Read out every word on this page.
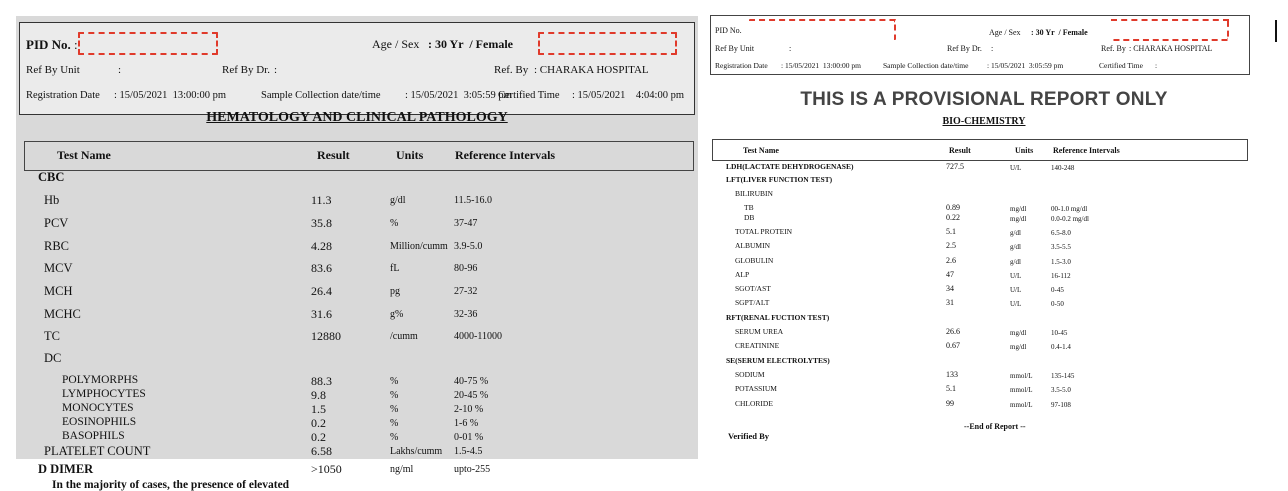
PID No. :	Age / Sex : 30 Yr  / Female
Ref By Unit	:	Ref By Dr. :	Ref. By : CHARAKA HOSPITAL
Registration Date : 15/05/2021  13:00:00 pm	Sample Collection date/time : 15/05/2021  3:05:59 pm
Certified Time : 15/05/2021    4:04:00 pm
HEMATOLOGY AND CLINICAL PATHOLOGY
Test Name	Result	Units	Reference Intervals
CBC
Hb	11.3	g/dl	11.5-16.0
PCV	35.8	%	37-47
RBC	4.28	Million/cumm 3.9-5.0
MCV	83.6	fL	80-96
MCH	26.4	pg	27-32
MCHC	31.6	g%	32-36
TC	12880	/cumm	4000-11000
DC
POLYMORPHS	88.3	%	40-75 %
LYMPHOCYTES	9.8	%	20-45 %
MONOCYTES	1.5	%	2-10 %
EOSINOPHILS	0.2	%	1-6 %
BASOPHILS	0.2	%	0-01 %
PLATELET COUNT	6.58	Lakhs/cumm 1.5-4.5
D DIMER	>1050	ng/ml	upto-255
In the majority of cases, the presence of elevated
PID No.	Age / Sex : 30 Yr  / Female
Ref By Unit	:	Ref By Dr. :	Ref. By : CHARAKA HOSPITAL
Registration Date : 15/05/2021  13:00:00 pm	Sample Collection date/time : 15/05/2021  3:05:59 pm	Certified Time :
THIS IS A PROVISIONAL REPORT ONLY
BIO-CHEMISTRY
Test Name	Result	Units Reference Intervals
LDH(LACTATE DEHYDROGENASE)	727.5	U/L	140-248
LFT(LIVER FUNCTION TEST)
BILIRUBIN
TB	0.89	mg/dl	00-1.0 mg/dl
DB	0.22	mg/dl	0.0-0.2 mg/dl
TOTAL PROTEIN	5.1	g/dl	6.5-8.0
ALBUMIN	2.5	g/dl	3.5-5.5
GLOBULIN	2.6	g/dl	1.5-3.0
ALP	47	U/L	16-112
SGOT/AST	34	U/L	0-45
SGPT/ALT	31	U/L	0-50
RFT(RENAL FUCTION TEST)
SERUM UREA	26.6	mg/dl	10-45
CREATININE	0.67	mg/dl	0.4-1.4
SE(SERUM ELECTROLYTES)
SODIUM	133	mmol/L	135-145
POTASSIUM	5.1	mmol/L	3.5-5.0
CHLORIDE	99	mmol/L	97-108
--End of Report --
Verified By
